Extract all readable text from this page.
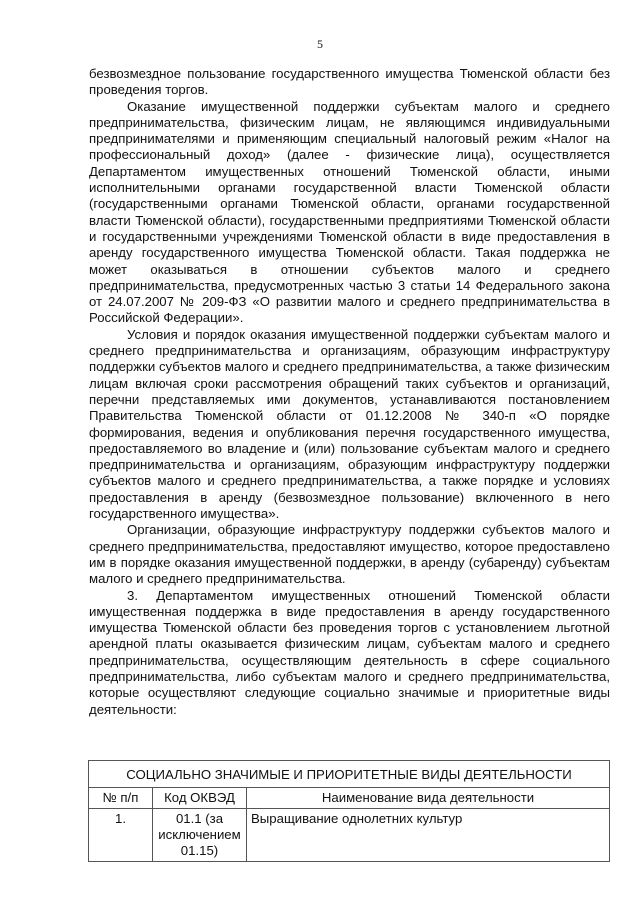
5

безвозмездное пользование государственного имущества Тюменской области без проведения торгов.

Оказание имущественной поддержки субъектам малого и среднего предпринимательства, физическим лицам, не являющимся индивидуальными предпринимателями и применяющим специальный налоговый режим «Налог на профессиональный доход» (далее - физические лица), осуществляется Департаментом имущественных отношений Тюменской области, иными исполнительными органами государственной власти Тюменской области (государственными органами Тюменской области, органами государственной власти Тюменской области), государственными предприятиями Тюменской области и государственными учреждениями Тюменской области в виде предоставления в аренду государственного имущества Тюменской области. Такая поддержка не может оказываться в отношении субъектов малого и среднего предпринимательства, предусмотренных частью 3 статьи 14 Федерального закона от 24.07.2007 № 209-ФЗ «О развитии малого и среднего предпринимательства в Российской Федерации».

Условия и порядок оказания имущественной поддержки субъектам малого и среднего предпринимательства и организациям, образующим инфраструктуру поддержки субъектов малого и среднего предпринимательства, а также физическим лицам включая сроки рассмотрения обращений таких субъектов и организаций, перечни представляемых ими документов, устанавливаются постановлением Правительства Тюменской области от 01.12.2008 № 340-п «О порядке формирования, ведения и опубликования перечня государственного имущества, предоставляемого во владение и (или) пользование субъектам малого и среднего предпринимательства и организациям, образующим инфраструктуру поддержки субъектов малого и среднего предпринимательства, а также порядке и условиях предоставления в аренду (безвозмездное пользование) включенного в него государственного имущества».

Организации, образующие инфраструктуру поддержки субъектов малого и среднего предпринимательства, предоставляют имущество, которое предоставлено им в порядке оказания имущественной поддержки, в аренду (субаренду) субъектам малого и среднего предпринимательства.

3. Департаментом имущественных отношений Тюменской области имущественная поддержка в виде предоставления в аренду государственного имущества Тюменской области без проведения торгов с установлением льготной арендной платы оказывается физическим лицам, субъектам малого и среднего предпринимательства, осуществляющим деятельность в сфере социального предпринимательства, либо субъектам малого и среднего предпринимательства, которые осуществляют следующие социально значимые и приоритетные виды деятельности:

СОЦИАЛЬНО ЗНАЧИМЫЕ И ПРИОРИТЕТНЫЕ ВИДЫ ДЕЯТЕЛЬНОСТИ		
№ п/п	Код ОКВЭД	Наименование вида деятельности
1.	01.1 (за
исключением
01.15)	Выращивание однолетних культур
